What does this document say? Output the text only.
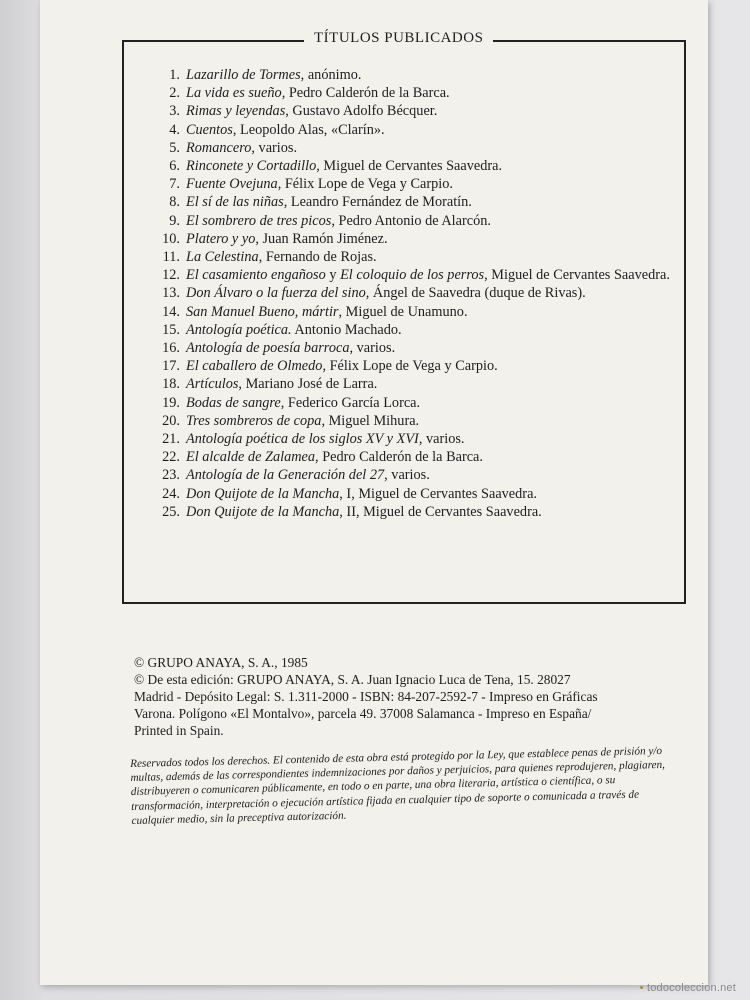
TÍTULOS PUBLICADOS
1. Lazarillo de Tormes, anónimo.
2. La vida es sueño, Pedro Calderón de la Barca.
3. Rimas y leyendas, Gustavo Adolfo Bécquer.
4. Cuentos, Leopoldo Alas, «Clarín».
5. Romancero, varios.
6. Rinconete y Cortadillo, Miguel de Cervantes Saavedra.
7. Fuente Ovejuna, Félix Lope de Vega y Carpio.
8. El sí de las niñas, Leandro Fernández de Moratín.
9. El sombrero de tres picos, Pedro Antonio de Alarcón.
10. Platero y yo, Juan Ramón Jiménez.
11. La Celestina, Fernando de Rojas.
12. El casamiento engañoso y El coloquio de los perros, Miguel de Cervantes Saavedra.
13. Don Álvaro o la fuerza del sino, Ángel de Saavedra (duque de Rivas).
14. San Manuel Bueno, mártir, Miguel de Unamuno.
15. Antología poética. Antonio Machado.
16. Antología de poesía barroca, varios.
17. El caballero de Olmedo, Félix Lope de Vega y Carpio.
18. Artículos, Mariano José de Larra.
19. Bodas de sangre, Federico García Lorca.
20. Tres sombreros de copa, Miguel Mihura.
21. Antología poética de los siglos XV y XVI, varios.
22. El alcalde de Zalamea, Pedro Calderón de la Barca.
23. Antología de la Generación del 27, varios.
24. Don Quijote de la Mancha, I, Miguel de Cervantes Saavedra.
25. Don Quijote de la Mancha, II, Miguel de Cervantes Saavedra.
© GRUPO ANAYA, S. A., 1985
© De esta edición: GRUPO ANAYA, S. A. Juan Ignacio Luca de Tena, 15. 28027
Madrid - Depósito Legal: S. 1.311-2000 - ISBN: 84-207-2592-7 - Impreso en Gráficas
Varona. Polígono «El Montalvo», parcela 49. 37008 Salamanca - Impreso en España/
Printed in Spain.
Reservados todos los derechos. El contenido de esta obra está protegido por la Ley, que establece penas de prisión y/o multas, además de las correspondientes indemnizaciones por daños y perjuicios, para quienes reprodujeren, plagiaren, distribuyeren o comunicaren públicamente, en todo o en parte, una obra literaria, artística o científica, o su transformación, interpretación o ejecución artística fijada en cualquier tipo de soporte o comunicada a través de cualquier medio, sin la preceptiva autorización.
• todocoleccion.net
